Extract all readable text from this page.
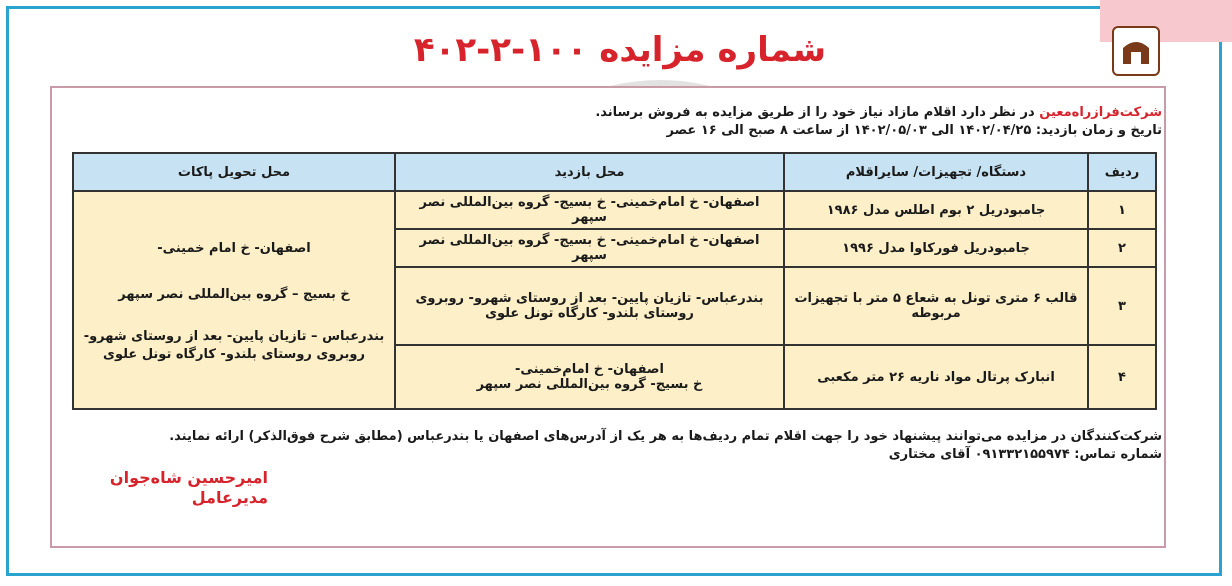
شماره مزایده ۱۰۰-۲-۴۰۲
شرکت‌فرازراه‌معین در نظر دارد اقلام مازاد نیاز خود را از طریق مزایده به فروش برساند.
تاریخ و زمان بازدید: ۱۴۰۲/۰۴/۲۵ الی ۱۴۰۲/۰۵/۰۳ از ساعت ۸ صبح الی ۱۶ عصر
ردیف	دستگاه/ تجهیزات/ سایراقلام	محل بازدید	محل تحویل پاکات
۱	جامبودریل ۲ بوم اطلس مدل ۱۹۸۶	اصفهان- خ امام‌خمینی- خ بسیج- گروه بین‌المللی نصر سپهر	اصفهان- خ امام خمینی-
خ بسیج – گروه بین‌المللی نصر سپهر
بندرعباس – تازیان پایین- بعد از روستای شهرو-
روبروی روستای بلندو- کارگاه تونل علوی

۲	جامبودریل فورکاوا مدل ۱۹۹۶	اصفهان- خ امام‌خمینی- خ بسیج- گروه بین‌المللی نصر سپهر	
۳	قالب ۶ متری تونل به شعاع ۵ متر با تجهیزات مربوطه	بندرعباس- تازیان پایین- بعد از روستای شهرو- روبروی روستای بلندو- کارگاه تونل علوی	
۴	انبارک پرتال مواد ناریه ۲۶ متر مکعبی	اصفهان- خ امام‌خمینی-
خ بسیج- گروه بین‌المللی نصر سپهر	
شرکت‌کنندگان در مزایده می‌توانند پیشنهاد خود را جهت اقلام تمام ردیف‌ها به هر یک از آدرس‌های اصفهان یا بندرعباس (مطابق شرح فوق‌الذکر) ارائه نمایند.
شماره تماس: ۰۹۱۳۳۲۱۵۵۹۷۴ آقای مختاری
امیرحسین شاه‌جوان
مدیرعامل
